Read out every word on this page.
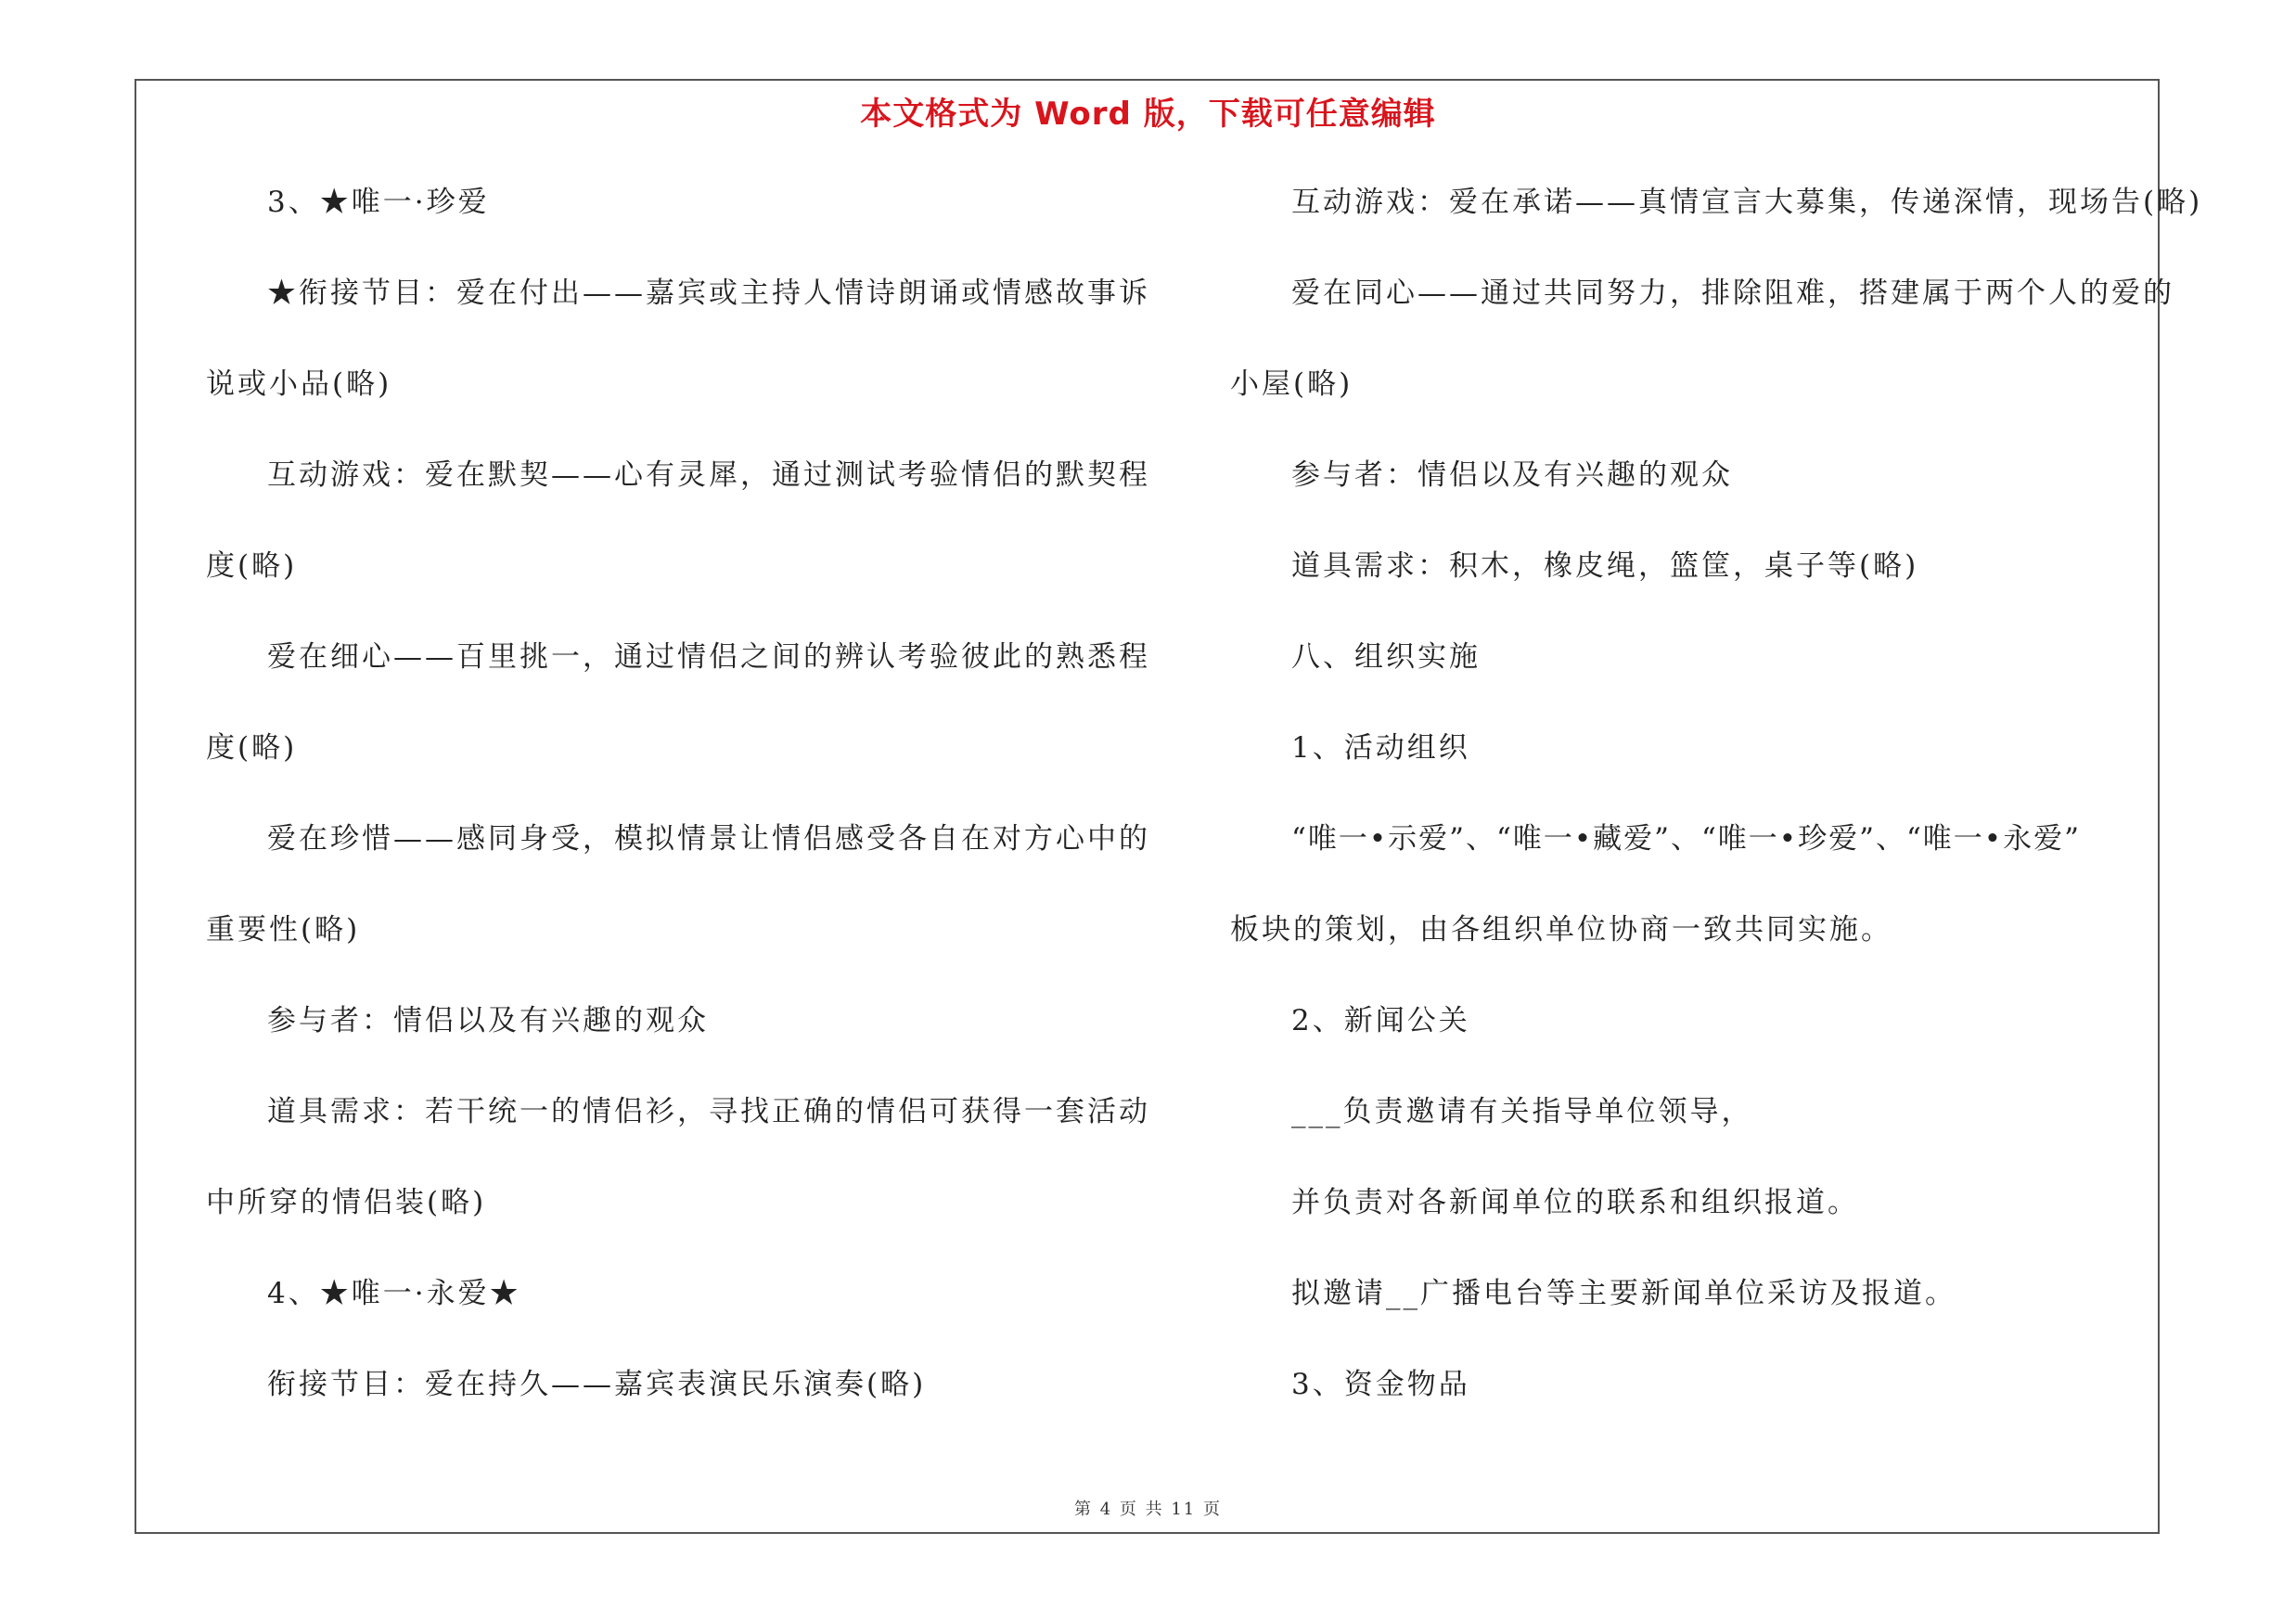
本文格式为 Word 版，下载可任意编辑
3、★唯一·珍爱
★衔接节目：爱在付出——嘉宾或主持人情诗朗诵或情感故事诉
说或小品(略)
互动游戏：爱在默契——心有灵犀，通过测试考验情侣的默契程
度(略)
爱在细心——百里挑一，通过情侣之间的辨认考验彼此的熟悉程
度(略)
爱在珍惜——感同身受，模拟情景让情侣感受各自在对方心中的
重要性(略)
参与者：情侣以及有兴趣的观众
道具需求：若干统一的情侣衫，寻找正确的情侣可获得一套活动
中所穿的情侣装(略)
4、★唯一·永爱★
衔接节目：爱在持久——嘉宾表演民乐演奏(略)
互动游戏：爱在承诺——真情宣言大募集，传递深情，现场告(略)
爱在同心——通过共同努力，排除阻难，搭建属于两个人的爱的
小屋(略)
参与者：情侣以及有兴趣的观众
道具需求：积木，橡皮绳，篮筐，桌子等(略)
八、组织实施
1、活动组织
“唯一•示爱”、“唯一•藏爱”、“唯一•珍爱”、“唯一•永爱”
板块的策划，由各组织单位协商一致共同实施。
2、新闻公关
___负责邀请有关指导单位领导，
并负责对各新闻单位的联系和组织报道。
拟邀请__广播电台等主要新闻单位采访及报道。
3、资金物品
第 4 页 共 11 页
